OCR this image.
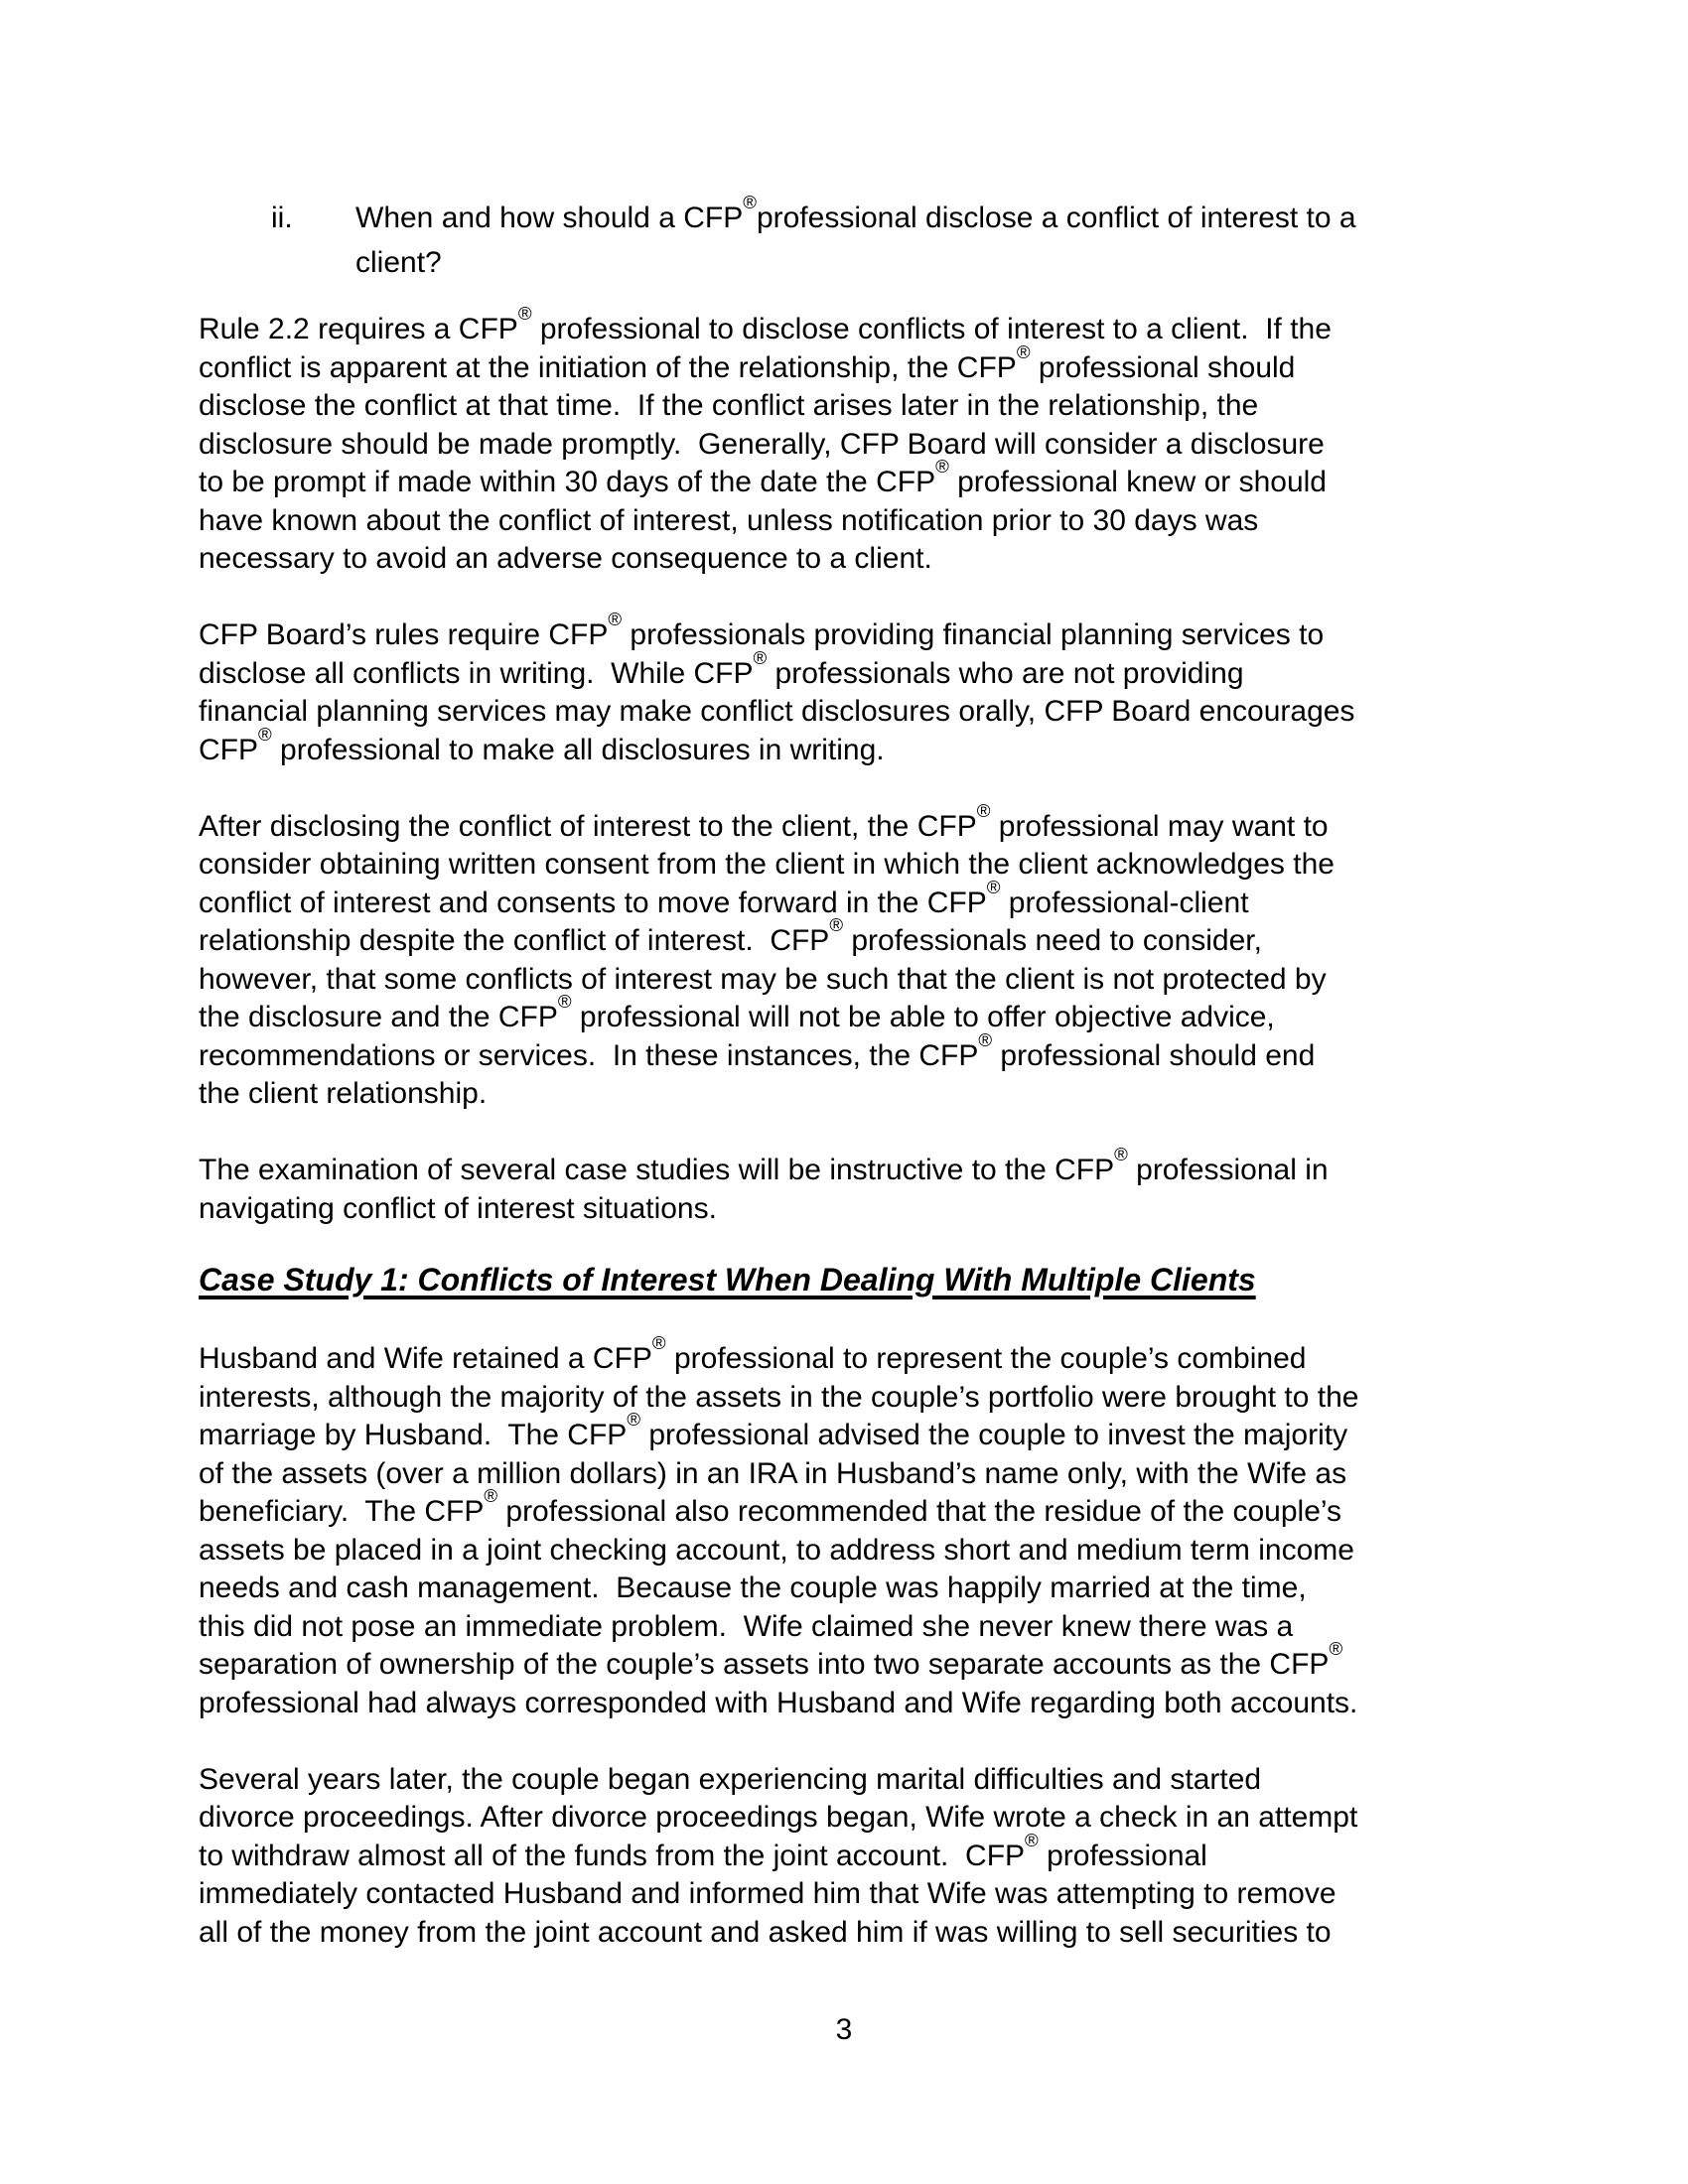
ii.	When and how should a CFP®professional disclose a conflict of interest to a
client?
Rule 2.2 requires a CFP® professional to disclose conflicts of interest to a client.  If the
conflict is apparent at the initiation of the relationship, the CFP® professional should
disclose the conflict at that time.  If the conflict arises later in the relationship, the
disclosure should be made promptly.  Generally, CFP Board will consider a disclosure
to be prompt if made within 30 days of the date the CFP® professional knew or should
have known about the conflict of interest, unless notification prior to 30 days was
necessary to avoid an adverse consequence to a client.
CFP Board’s rules require CFP® professionals providing financial planning services to
disclose all conflicts in writing.  While CFP® professionals who are not providing
financial planning services may make conflict disclosures orally, CFP Board encourages
CFP® professional to make all disclosures in writing.
After disclosing the conflict of interest to the client, the CFP® professional may want to
consider obtaining written consent from the client in which the client acknowledges the
conflict of interest and consents to move forward in the CFP® professional-client
relationship despite the conflict of interest.  CFP® professionals need to consider,
however, that some conflicts of interest may be such that the client is not protected by
the disclosure and the CFP® professional will not be able to offer objective advice,
recommendations or services.  In these instances, the CFP® professional should end
the client relationship.
The examination of several case studies will be instructive to the CFP® professional in
navigating conflict of interest situations.
Case Study 1: Conflicts of Interest When Dealing With Multiple Clients
Husband and Wife retained a CFP® professional to represent the couple’s combined
interests, although the majority of the assets in the couple’s portfolio were brought to the
marriage by Husband.  The CFP® professional advised the couple to invest the majority
of the assets (over a million dollars) in an IRA in Husband’s name only, with the Wife as
beneficiary.  The CFP® professional also recommended that the residue of the couple’s
assets be placed in a joint checking account, to address short and medium term income
needs and cash management.  Because the couple was happily married at the time,
this did not pose an immediate problem.  Wife claimed she never knew there was a
separation of ownership of the couple’s assets into two separate accounts as the CFP®
professional had always corresponded with Husband and Wife regarding both accounts.
Several years later, the couple began experiencing marital difficulties and started
divorce proceedings. After divorce proceedings began, Wife wrote a check in an attempt
to withdraw almost all of the funds from the joint account.  CFP® professional
immediately contacted Husband and informed him that Wife was attempting to remove
all of the money from the joint account and asked him if was willing to sell securities to
3
